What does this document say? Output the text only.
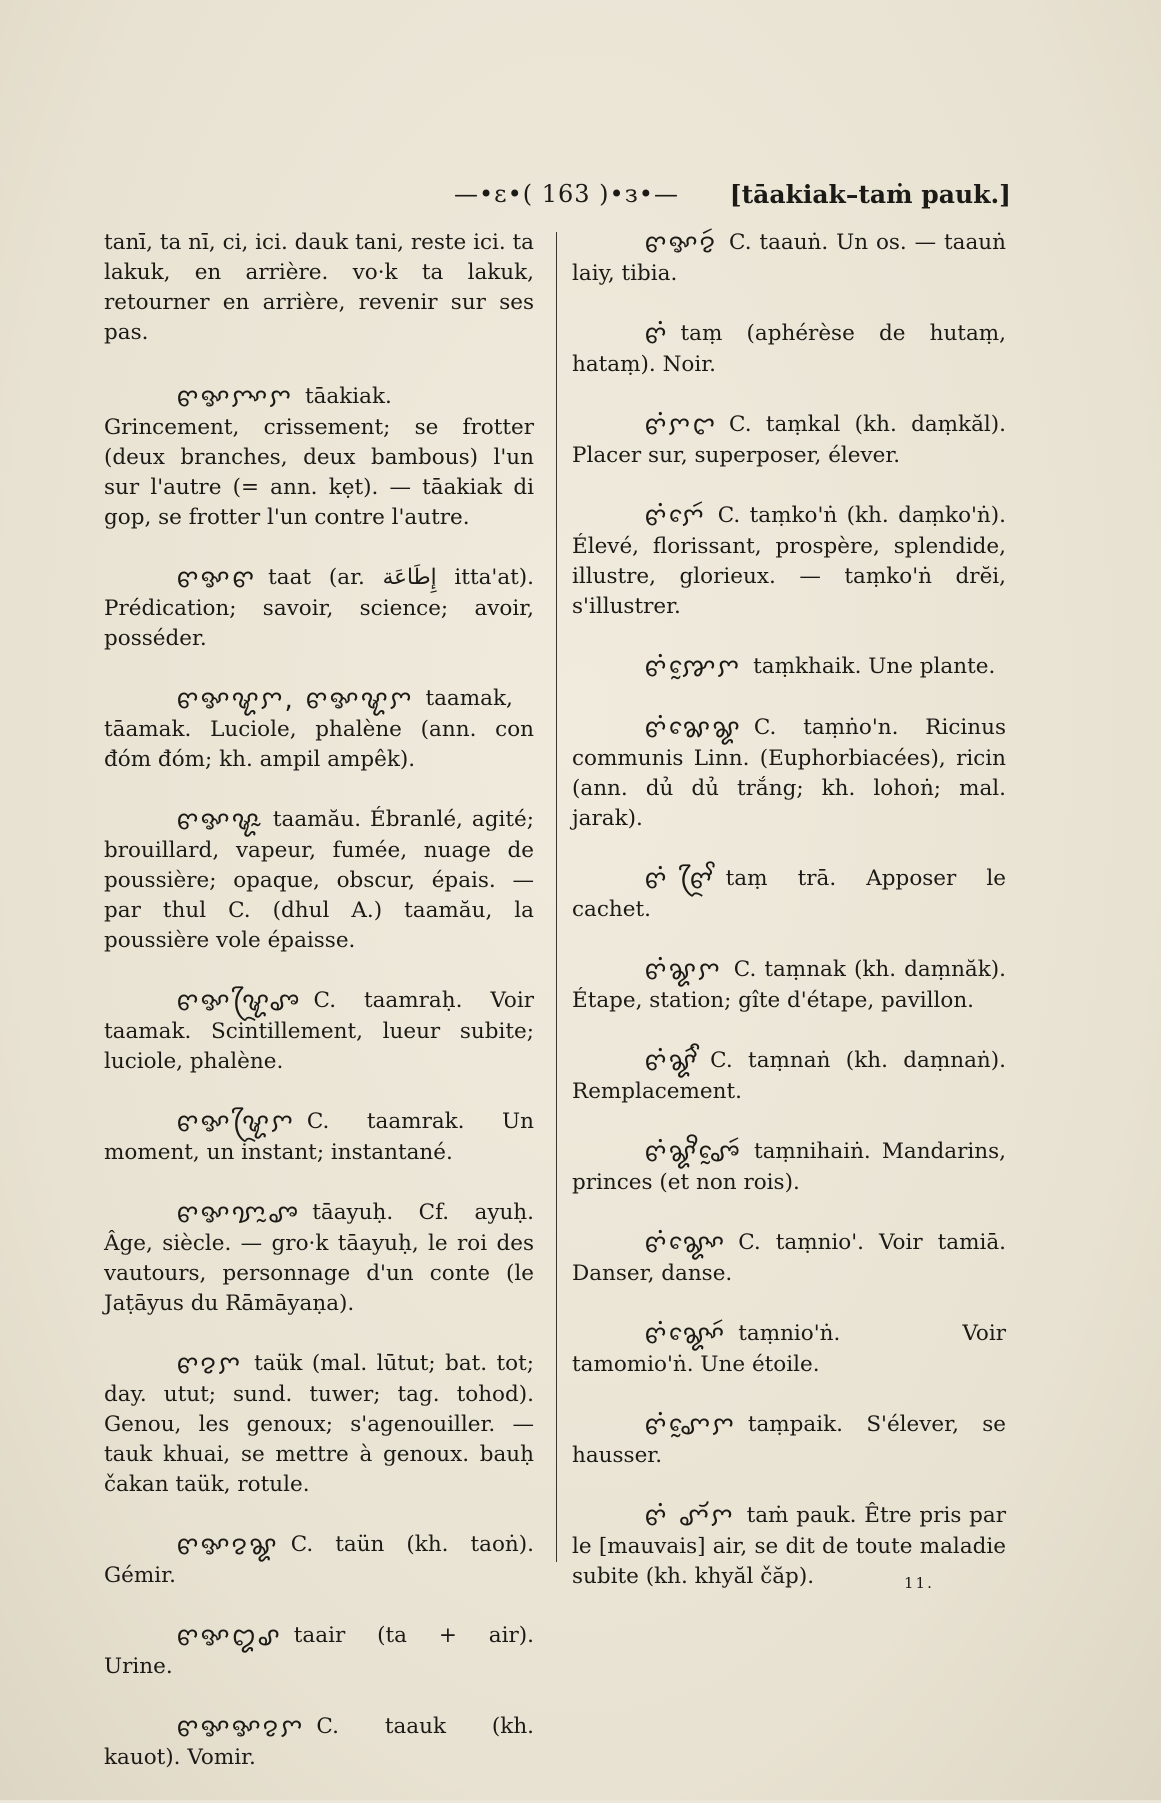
—•ɛ•( 163 )•з•— [tāakiak–taṁ pauk.]

tanī, ta nī, ci, ici. dauk tani, reste ici. ta lakuk, en arrière. vo·k ta lakuk, retourner en arrière, revenir sur ses pas.

ꨓꨀꨆꨳꨆ tāakiak. Grincement, crissement; se frotter (deux branches, deux bambous) l'un sur l'autre (= ann. kẹt). — tāakiak di gop, se frotter l'un contre l'autre.

ꨓꨀꨓ taat (ar. إِطَاعَة itta'at). Prédication; savoir, science; avoir, posséder.

ꨓꨀꨠꨆ, ꨓꨀꨠꨆ taamak, tāamak. Luciole, phalène (ann. con đóm đóm; kh. ampil ampêk).

ꨓꨀꨠꨭ taamău. Ébranlé, agité; brouillard, vapeur, fumée, nuage de poussière; opaque, obscur, épais. — par thul C. (dhul A.) taamău, la poussière vole épaisse.

ꨓꨀꨠꨴꨨ C. taamraḥ. Voir taamak. Scintillement, lueur subite; luciole, phalène.

ꨓꨀꨠꨴꨆ C. taamrak. Un moment, un instant; instantané.

ꨓꨀꨢꨭꨨ tāayuḥ. Cf. ayuḥ. Âge, siècle. — gro·k tāayuḥ, le roi des vautours, personnage d'un conte (le Jaṭāyus du Rāmāyaṇa).

ꨓꨂꨆ taük (mal. lūtut; bat. tot; day. utut; sund. tuwer; tag. tohod). Genou, les genoux; s'agenouiller. — tauk khuai, se mettre à genoux. bauḥ čakan taük, rotule.

ꨓꨀꨂꨘ C. taün (kh. taoṅ). Gémir.

ꨓꨀꨁꨣ taair (ta + air). Urine.

ꨓꨀꨀꨂꨆ C. taauk (kh. kauot). Vomir.

ꨓꨀꨂꩃ C. taauṅ. Un os. — taauṅ laiy, tibia.

ꨓꩌ taṃ (aphérèse de hutaṃ, hataṃ). Noir.

ꨓꩌꨆꨤ C. taṃkal (kh. daṃkăl). Placer sur, superposer, élever.

ꨓꩌꨆꨯꩃ C. taṃko'ṅ (kh. daṃko'ṅ). Élevé, florissant, prospère, splendide, illustre, glorieux. — taṃko'ṅ drĕi, s'illustrer.

ꨓꩌꨇꨰꨆ taṃkhaik. Une plante.

ꨓꩌꨗꨯꨘ C. taṃṅo'n. Ricinus communis Linn. (Euphorbiacées), ricin (ann. dủ dủ trắng; kh. lohoṅ; mal. jarak).

ꨓꩌ ꨓꨴꨩ taṃ trā. Apposer le cachet.

ꨓꩌꨘꨆ C. taṃnak (kh. daṃnăk). Étape, station; gîte d'étape, pavillon.

ꨓꩌꨘꨩꩃ C. taṃnaṅ (kh. daṃnaṅ). Remplacement.

ꨓꩌꨘꨪꨨꨰꩃ taṃnihaiṅ. Mandarins, princes (et non rois).

ꨓꩌꨘꨳꨯ C. taṃnio'. Voir tamiā. Danser, danse.

ꨓꩌꨘꨳꨯꩃ taṃnio'ṅ. Voir tamomio'ṅ. Une étoile.

ꨓꩌꨚꨰꨆ taṃpaik. S'élever, se hausser.

ꨓꩌ ꨚꨮꨆ taṁ pauk. Être pris par le [mauvais] air, se dit de toute maladie subite (kh. khyăl čăp).	11.
